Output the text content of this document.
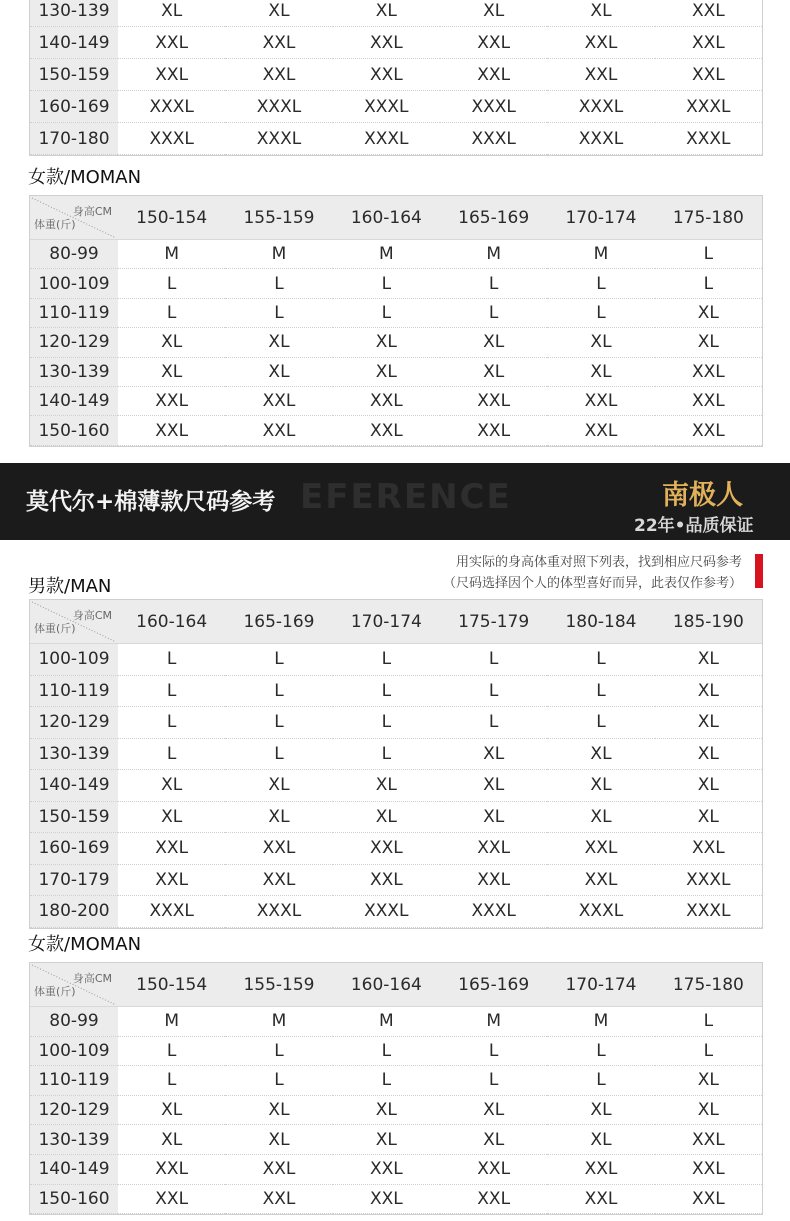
130-139	XL	XL	XL	XL	XL	XXL
140-149	XXL	XXL	XXL	XXL	XXL	XXL
150-159	XXL	XXL	XXL	XXL	XXL	XXL
160-169	XXXL	XXXL	XXXL	XXXL	XXXL	XXXL
170-180	XXXL	XXXL	XXXL	XXXL	XXXL	XXXL
女款/MOMAN
身高CM
体重(斤)	150-154	155-159	160-164	165-169	170-174	175-180
80-99	M	M	M	M	M	L
100-109	L	L	L	L	L	L
110-119	L	L	L	L	L	XL
120-129	XL	XL	XL	XL	XL	XL
130-139	XL	XL	XL	XL	XL	XXL
140-149	XXL	XXL	XXL	XXL	XXL	XXL
150-160	XXL	XXL	XXL	XXL	XXL	XXL
EFERENCE
莫代尔+棉薄款尺码参考	南极人
22年•品质保证
用实际的身高体重对照下列表，找到相应尺码参考
（尺码选择因个人的体型喜好而异，此表仅作参考）
男款/MAN
身高CM
体重(斤)	160-164	165-169	170-174	175-179	180-184	185-190
100-109	L	L	L	L	L	XL
110-119	L	L	L	L	L	XL
120-129	L	L	L	L	L	XL
130-139	L	L	L	XL	XL	XL
140-149	XL	XL	XL	XL	XL	XL
150-159	XL	XL	XL	XL	XL	XL
160-169	XXL	XXL	XXL	XXL	XXL	XXL
170-179	XXL	XXL	XXL	XXL	XXL	XXXL
180-200	XXXL	XXXL	XXXL	XXXL	XXXL	XXXL
女款/MOMAN
身高CM
体重(斤)	150-154	155-159	160-164	165-169	170-174	175-180
80-99	M	M	M	M	M	L
100-109	L	L	L	L	L	L
110-119	L	L	L	L	L	XL
120-129	XL	XL	XL	XL	XL	XL
130-139	XL	XL	XL	XL	XL	XXL
140-149	XXL	XXL	XXL	XXL	XXL	XXL
150-160	XXL	XXL	XXL	XXL	XXL	XXL
